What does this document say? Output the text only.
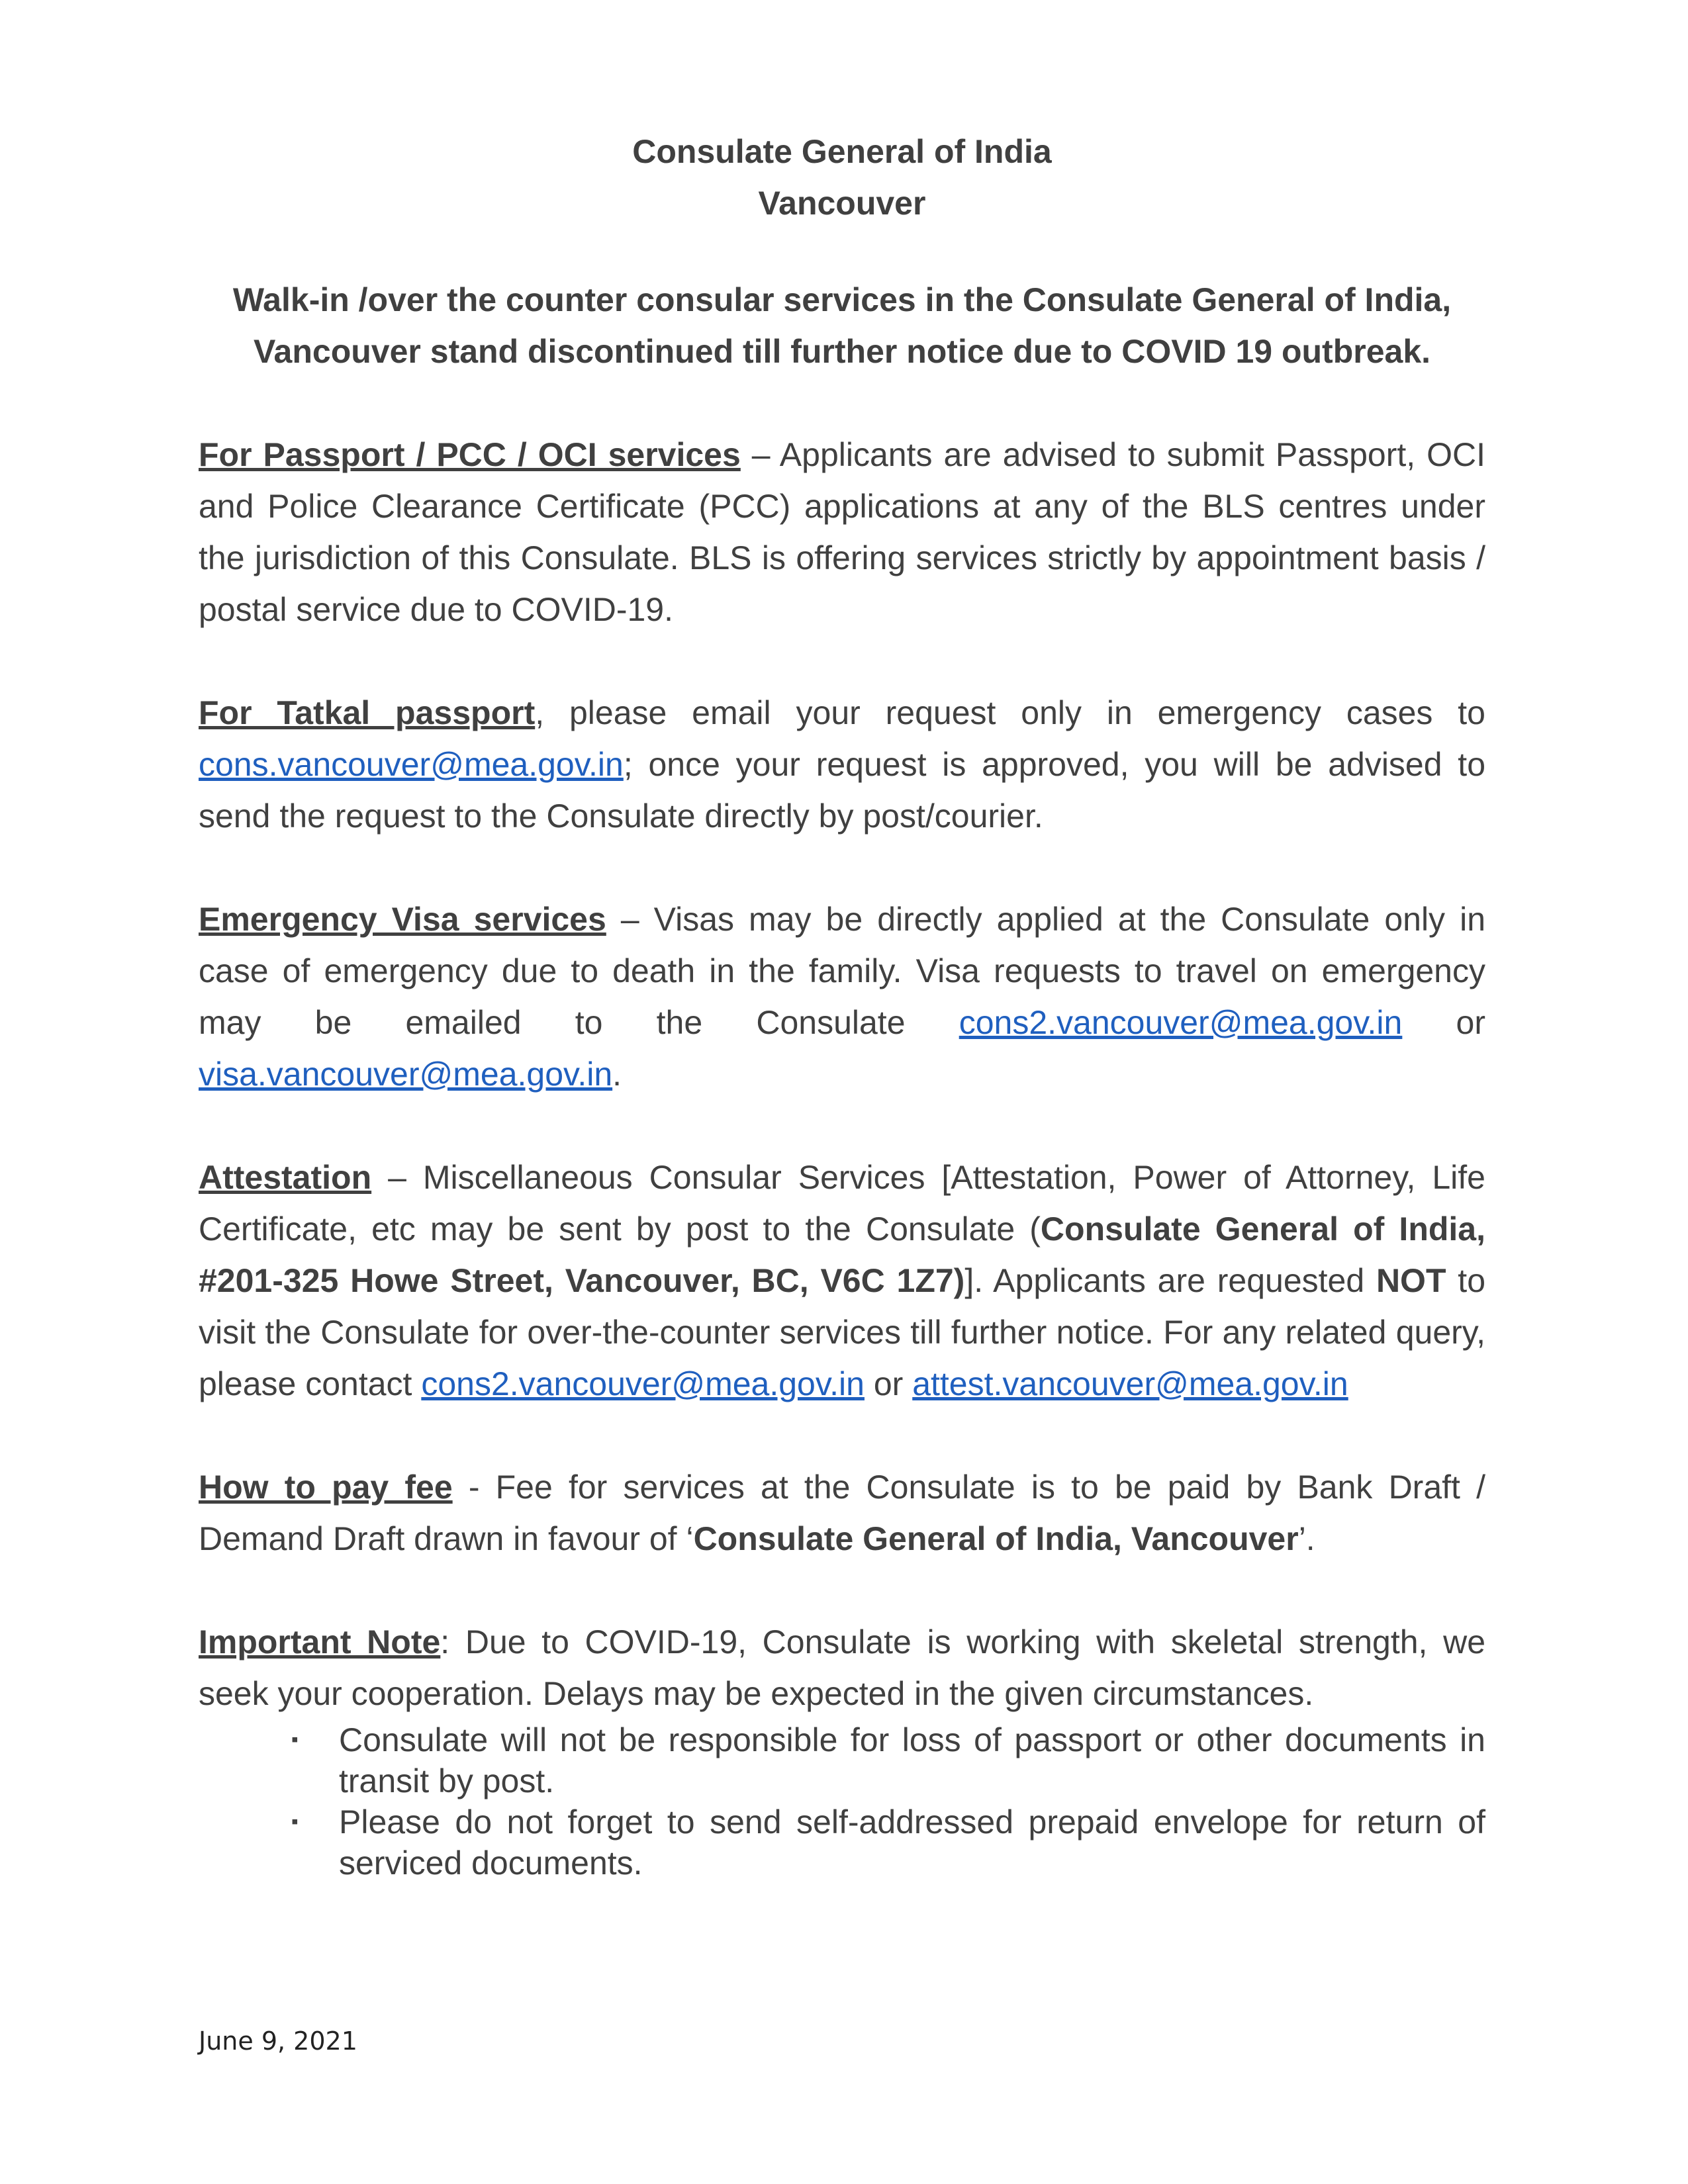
Consulate General of India

Vancouver

Walk-in /over the counter consular services in the Consulate General of India, Vancouver stand discontinued till further notice due to COVID 19 outbreak.

For Passport / PCC / OCI services – Applicants are advised to submit Passport, OCI and Police Clearance Certificate (PCC) applications at any of the BLS centres under the jurisdiction of this Consulate. BLS is offering services strictly by appointment basis / postal service due to COVID-19.

For Tatkal passport, please email your request only in emergency cases to cons.vancouver@mea.gov.in; once your request is approved, you will be advised to send the request to the Consulate directly by post/courier.

Emergency Visa services – Visas may be directly applied at the Consulate only in case of emergency due to death in the family. Visa requests to travel on emergency may be emailed to the Consulate cons2.vancouver@mea.gov.in or visa.vancouver@mea.gov.in.

Attestation – Miscellaneous Consular Services [Attestation, Power of Attorney, Life Certificate, etc may be sent by post to the Consulate (Consulate General of India, #201-325 Howe Street, Vancouver, BC, V6C 1Z7)]. Applicants are requested NOT to visit the Consulate for over-the-counter services till further notice. For any related query, please contact cons2.vancouver@mea.gov.in or attest.vancouver@mea.gov.in

How to pay fee - Fee for services at the Consulate is to be paid by Bank Draft / Demand Draft drawn in favour of ‘Consulate General of India, Vancouver’.

Important Note: Due to COVID-19, Consulate is working with skeletal strength, we seek your cooperation. Delays may be expected in the given circumstances.

▪ Consulate will not be responsible for loss of passport or other documents in transit by post.
▪ Please do not forget to send self-addressed prepaid envelope for return of serviced documents.
June 9, 2021
